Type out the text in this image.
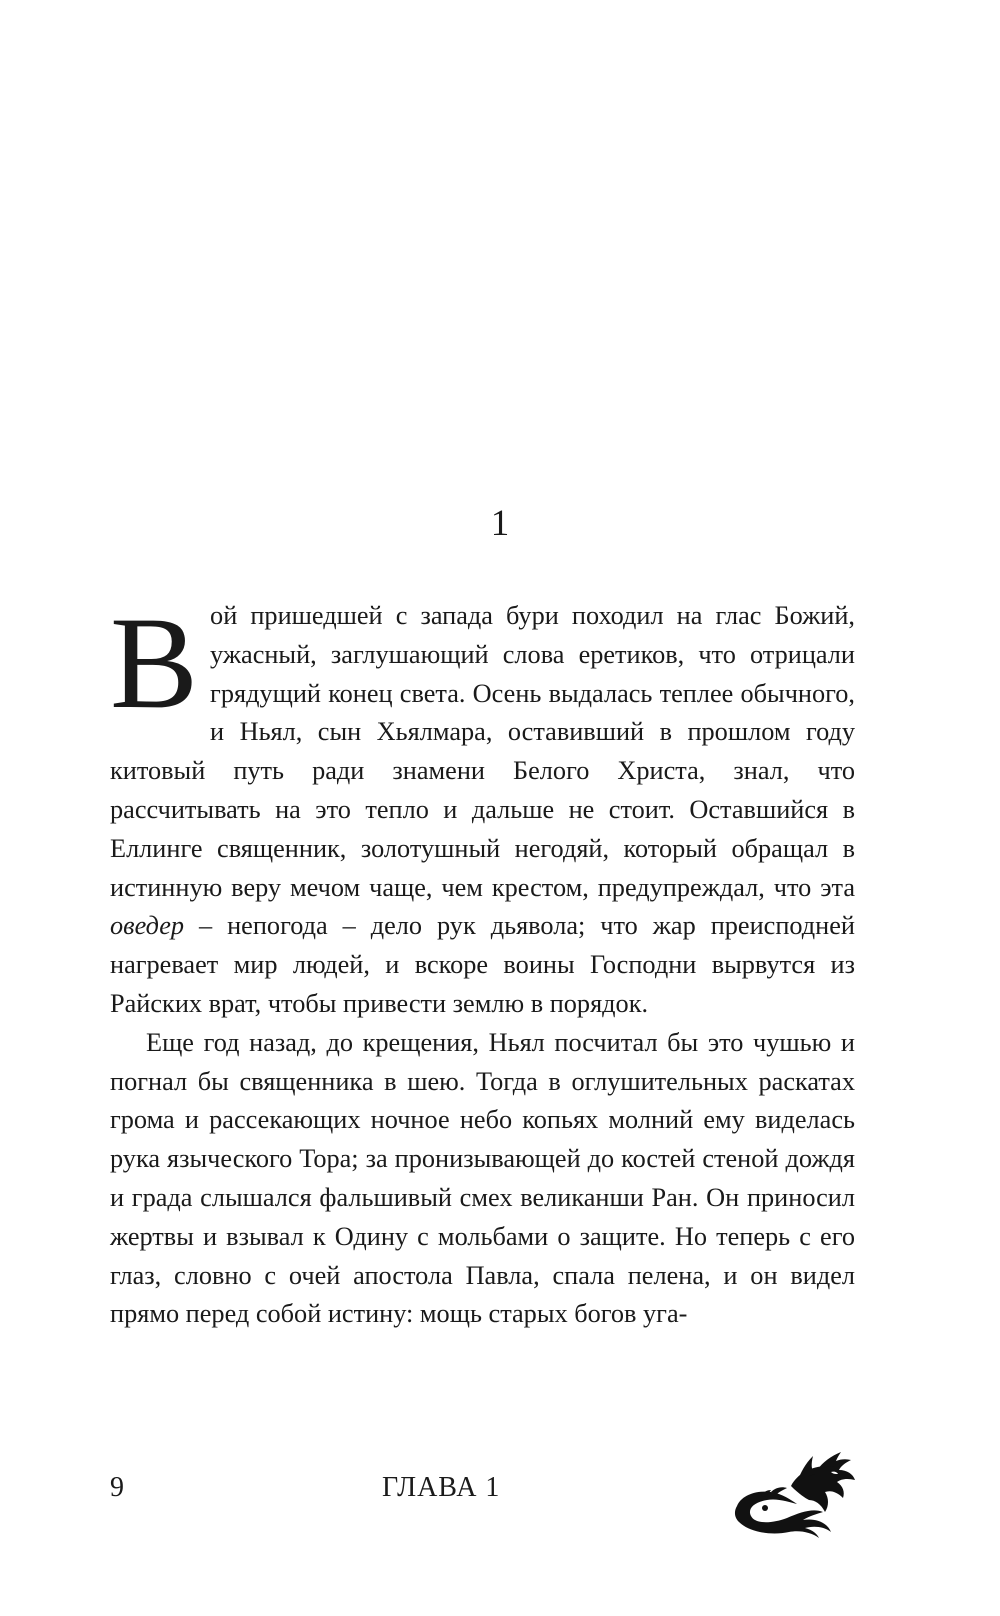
1

Вой пришедшей с запада бури походил на глас Божий, ужасный, заглушающий слова еретиков, что отрицали грядущий конец света. Осень выдалась теплее обычного, и Ньял, сын Хьялмара, оставивший в прошлом году китовый путь ради знамени Белого Христа, знал, что рассчитывать на это тепло и дальше не стоит. Оставшийся в Еллинге священник, золотушный негодяй, который обращал в истинную веру мечом чаще, чем крестом, предупреждал, что эта оведер – непогода – дело рук дьявола; что жар преисподней нагревает мир людей, и вскоре воины Господни вырвутся из Райских врат, чтобы привести землю в порядок.

Еще год назад, до крещения, Ньял посчитал бы это чушью и погнал бы священника в шею. Тогда в оглушительных раскатах грома и рассекающих ночное небо копьях молний ему виделась рука языческого Тора; за пронизывающей до костей стеной дождя и града слышался фальшивый смех великанши Ран. Он приносил жертвы и взывал к Одину с мольбами о защите. Но теперь с его глаз, словно с очей апостола Павла, спала пелена, и он видел прямо перед собой истину: мощь старых богов уга-

9	ГЛАВА 1
